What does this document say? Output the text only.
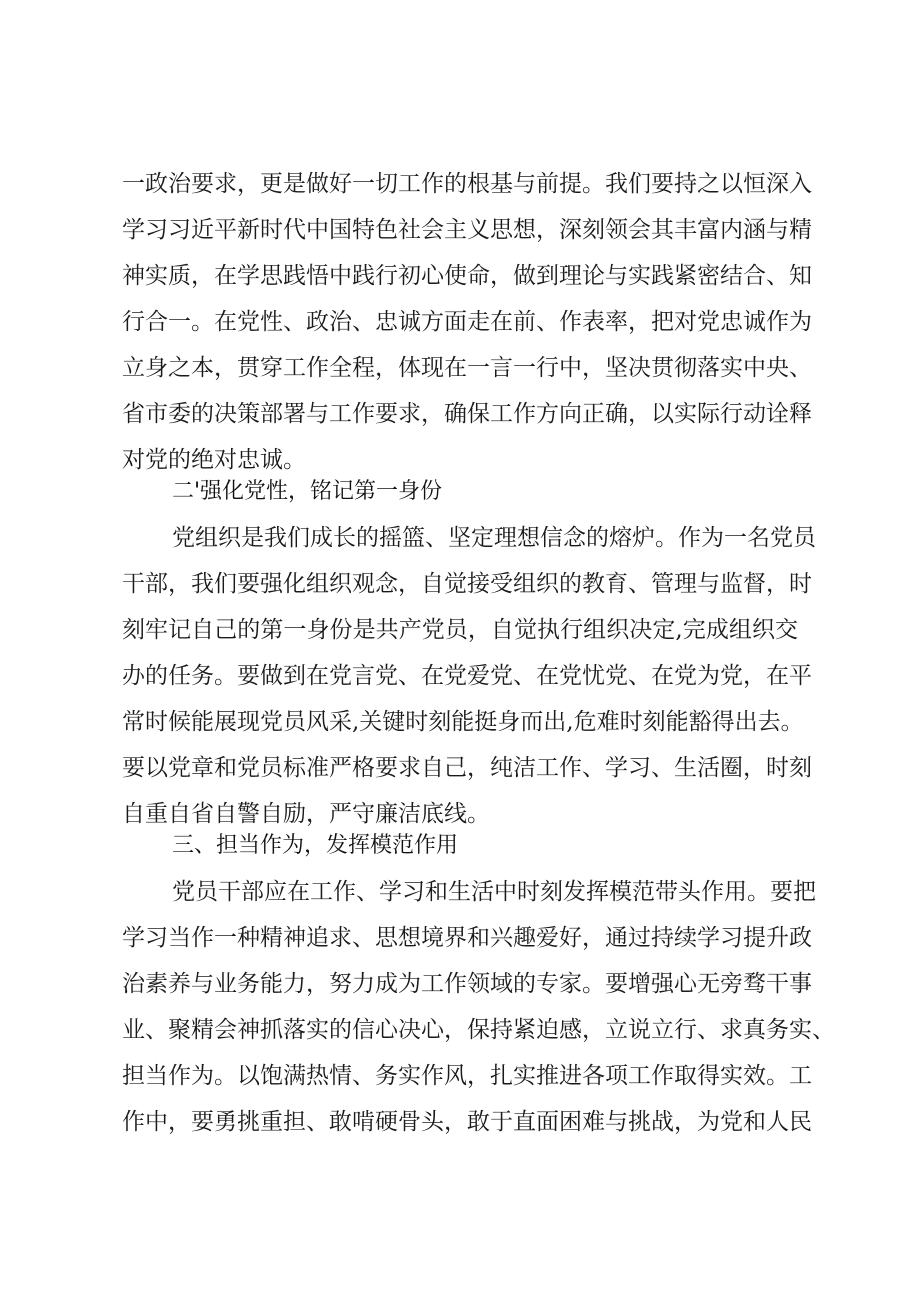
一政治要求，更是做好一切工作的根基与前提。我们要持之以恒深入
学习习近平新时代中国特色社会主义思想，深刻领会其丰富内涵与精
神实质，在学思践悟中践行初心使命，做到理论与实践紧密结合、知
行合一。在党性、政治、忠诚方面走在前、作表率，把对党忠诚作为
立身之本，贯穿工作全程，体现在一言一行中，坚决贯彻落实中央、
省市委的决策部署与工作要求，确保工作方向正确，以实际行动诠释
对党的绝对忠诚。
二'强化党性，铭记第一身份
党组织是我们成长的摇篮、坚定理想信念的熔炉。作为一名党员
干部，我们要强化组织观念，自觉接受组织的教育、管理与监督，时
刻牢记自己的第一身份是共产党员，自觉执行组织决定,完成组织交
办的任务。要做到在党言党、在党爱党、在党忧党、在党为党，在平
常时候能展现党员风采,关键时刻能挺身而出,危难时刻能豁得出去。
要以党章和党员标准严格要求自己，纯洁工作、学习、生活圈，时刻
自重自省自警自励，严守廉洁底线。
三、担当作为，发挥模范作用
党员干部应在工作、学习和生活中时刻发挥模范带头作用。要把
学习当作一种精神追求、思想境界和兴趣爱好，通过持续学习提升政
治素养与业务能力，努力成为工作领域的专家。要增强心无旁骛干事
业、聚精会神抓落实的信心决心，保持紧迫感，立说立行、求真务实、
担当作为。以饱满热情、务实作风，扎实推进各项工作取得实效。工
作中，要勇挑重担、敢啃硬骨头，敢于直面困难与挑战，为党和人民
